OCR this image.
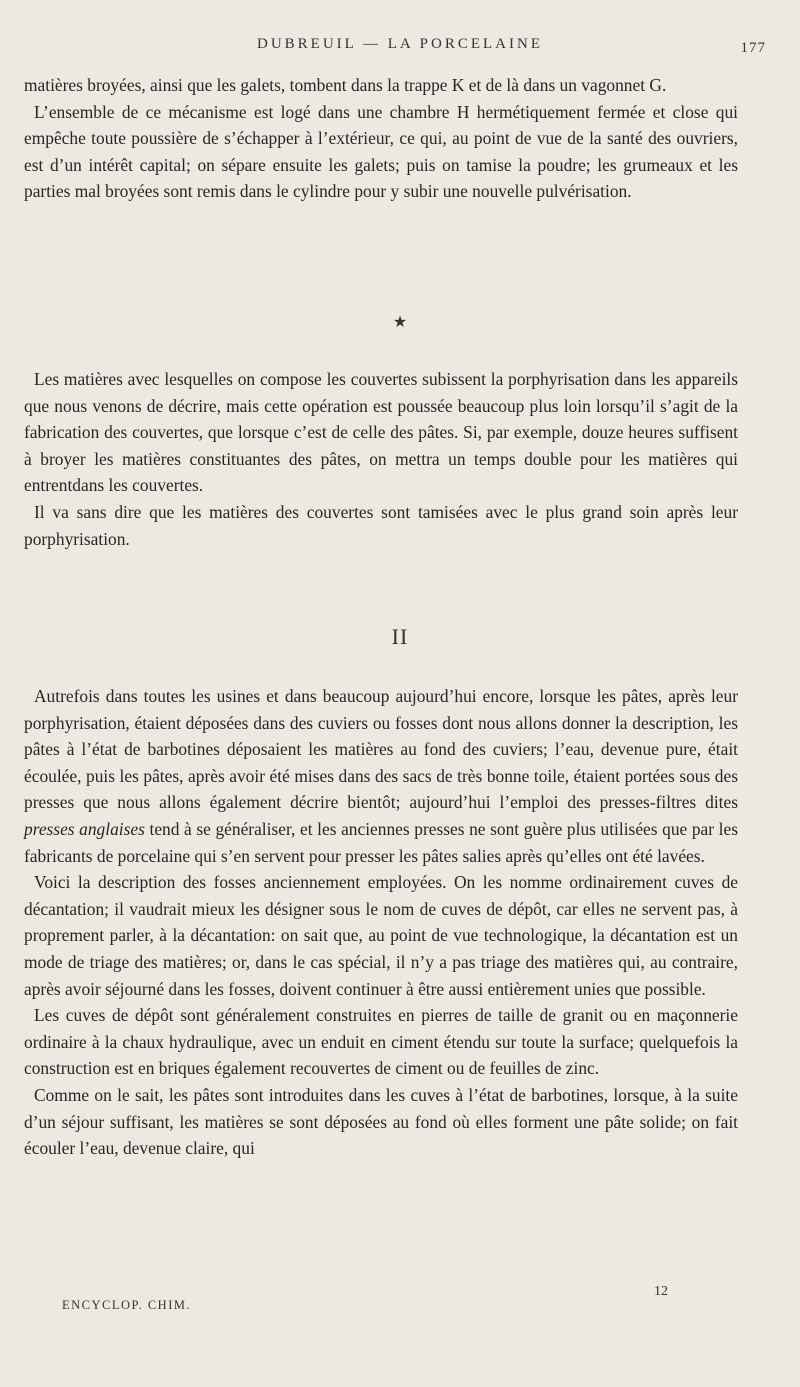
DUBREUIL — LA PORCELAINE	177

matières broyées, ainsi que les galets, tombent dans la trappe K et de là dans un vagonnet G.

L’ensemble de ce mécanisme est logé dans une chambre H hermétiquement fermée et close qui empêche toute poussière de s’échapper à l’extérieur, ce qui, au point de vue de la santé des ouvriers, est d’un intérêt capital; on sépare ensuite les galets; puis on tamise la poudre; les grumeaux et les parties mal broyées sont remis dans le cylindre pour y subir une nouvelle pulvérisation.

★

Les matières avec lesquelles on compose les couvertes subissent la porphyrisation dans les appareils que nous venons de décrire, mais cette opération est poussée beaucoup plus loin lorsqu’il s’agit de la fabrication des couvertes, que lorsque c’est de celle des pâtes. Si, par exemple, douze heures suffisent à broyer les matières constituantes des pâtes, on mettra un temps double pour les matières qui entrentdans les couvertes.

Il va sans dire que les matières des couvertes sont tamisées avec le plus grand soin après leur porphyrisation.

II

Autrefois dans toutes les usines et dans beaucoup aujourd’hui encore, lorsque les pâtes, après leur porphyrisation, étaient déposées dans des cuviers ou fosses dont nous allons donner la description, les pâtes à l’état de barbotines déposaient les matières au fond des cuviers; l’eau, devenue pure, était écoulée, puis les pâtes, après avoir été mises dans des sacs de très bonne toile, étaient portées sous des presses que nous allons également décrire bientôt; aujourd’hui l’emploi des presses-filtres dites presses anglaises tend à se généraliser, et les anciennes presses ne sont guère plus utilisées que par les fabricants de porcelaine qui s’en servent pour presser les pâtes salies après qu’elles ont été lavées.

Voici la description des fosses anciennement employées. On les nomme ordinairement cuves de décantation; il vaudrait mieux les désigner sous le nom de cuves de dépôt, car elles ne servent pas, à proprement parler, à la décantation: on sait que, au point de vue technologique, la décantation est un mode de triage des matières; or, dans le cas spécial, il n’y a pas triage des matières qui, au contraire, après avoir séjourné dans les fosses, doivent continuer à être aussi entièrement unies que possible.

Les cuves de dépôt sont généralement construites en pierres de taille de granit ou en maçonnerie ordinaire à la chaux hydraulique, avec un enduit en ciment étendu sur toute la surface; quelquefois la construction est en briques également recouvertes de ciment ou de feuilles de zinc.

Comme on le sait, les pâtes sont introduites dans les cuves à l’état de barbotines, lorsque, à la suite d’un séjour suffisant, les matières se sont déposées au fond où elles forment une pâte solide; on fait écouler l’eau, devenue claire, qui

ENCYCLOP. CHIM.
12
